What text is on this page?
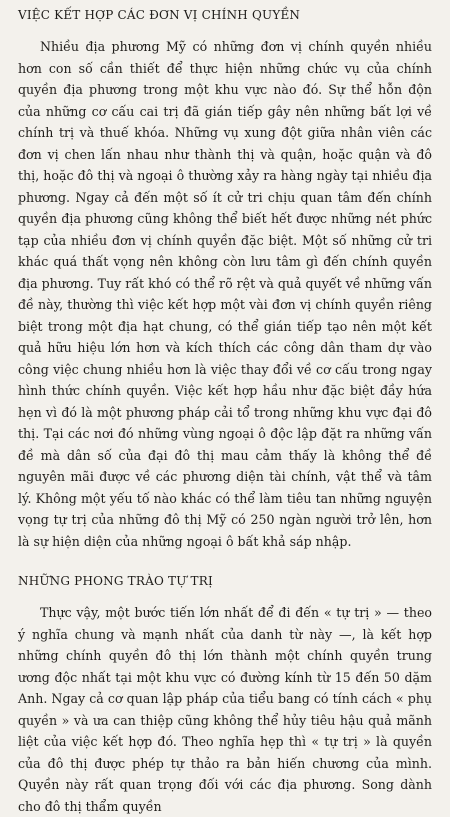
VIỆC KẾT HỢP CÁC ĐƠN VỊ CHÍNH QUYỀN

Nhiều địa phương Mỹ có những đơn vị chính quyền nhiều hơn con số cần thiết để thực hiện những chức vụ của chính quyền địa phương trong một khu vực nào đó. Sự thể hỗn độn của những cơ cấu cai trị đã gián tiếp gây nên những bất lợi về chính trị và thuế khóa. Những vụ xung đột giữa nhân viên các đơn vị chen lấn nhau như thành thị và quận, hoặc quận và đô thị, hoặc đô thị và ngoại ô thường xảy ra hàng ngày tại nhiều địa phương. Ngay cả đến một số ít cử tri chịu quan tâm đến chính quyền địa phương cũng không thể biết hết được những nét phức tạp của nhiều đơn vị chính quyền đặc biệt. Một số những cử tri khác quá thất vọng nên không còn lưu tâm gì đến chính quyền địa phương. Tuy rất khó có thể rõ rệt và quả quyết về những vấn đề này, thường thì việc kết hợp một vài đơn vị chính quyền riêng biệt trong một địa hạt chung, có thể gián tiếp tạo nên một kết quả hữu hiệu lớn hơn và kích thích các công dân tham dự vào công việc chung nhiều hơn là việc thay đổi về cơ cấu trong ngay hình thức chính quyền. Việc kết hợp hầu như đặc biệt đầy hứa hẹn vì đó là một phương pháp cải tổ trong những khu vực đại đô thị. Tại các nơi đó những vùng ngoại ô độc lập đặt ra những vấn đề mà dân số của đại đô thị mau cảm thấy là không thể đề nguyên mãi được về các phương diện tài chính, vật thể và tâm lý. Không một yếu tố nào khác có thể làm tiêu tan những nguyện vọng tự trị của những đô thị Mỹ có 250 ngàn người trở lên, hơn là sự hiện diện của những ngoại ô bất khả sáp nhập.

NHỮNG PHONG TRÀO TỰ TRỊ

Thực vậy, một bước tiến lớn nhất để đi đến « tự trị » — theo ý nghĩa chung và mạnh nhất của danh từ này —, là kết hợp những chính quyền đô thị lớn thành một chính quyền trung ương độc nhất tại một khu vực có đường kính từ 15 đến 50 dặm Anh. Ngay cả cơ quan lập pháp của tiểu bang có tính cách « phụ quyền » và ưa can thiệp cũng không thể hủy tiêu hậu quả mãnh liệt của việc kết hợp đó. Theo nghĩa hẹp thì « tự trị » là quyền của đô thị được phép tự thảo ra bản hiến chương của mình. Quyền này rất quan trọng đối với các địa phương. Song dành cho đô thị thẩm quyền
